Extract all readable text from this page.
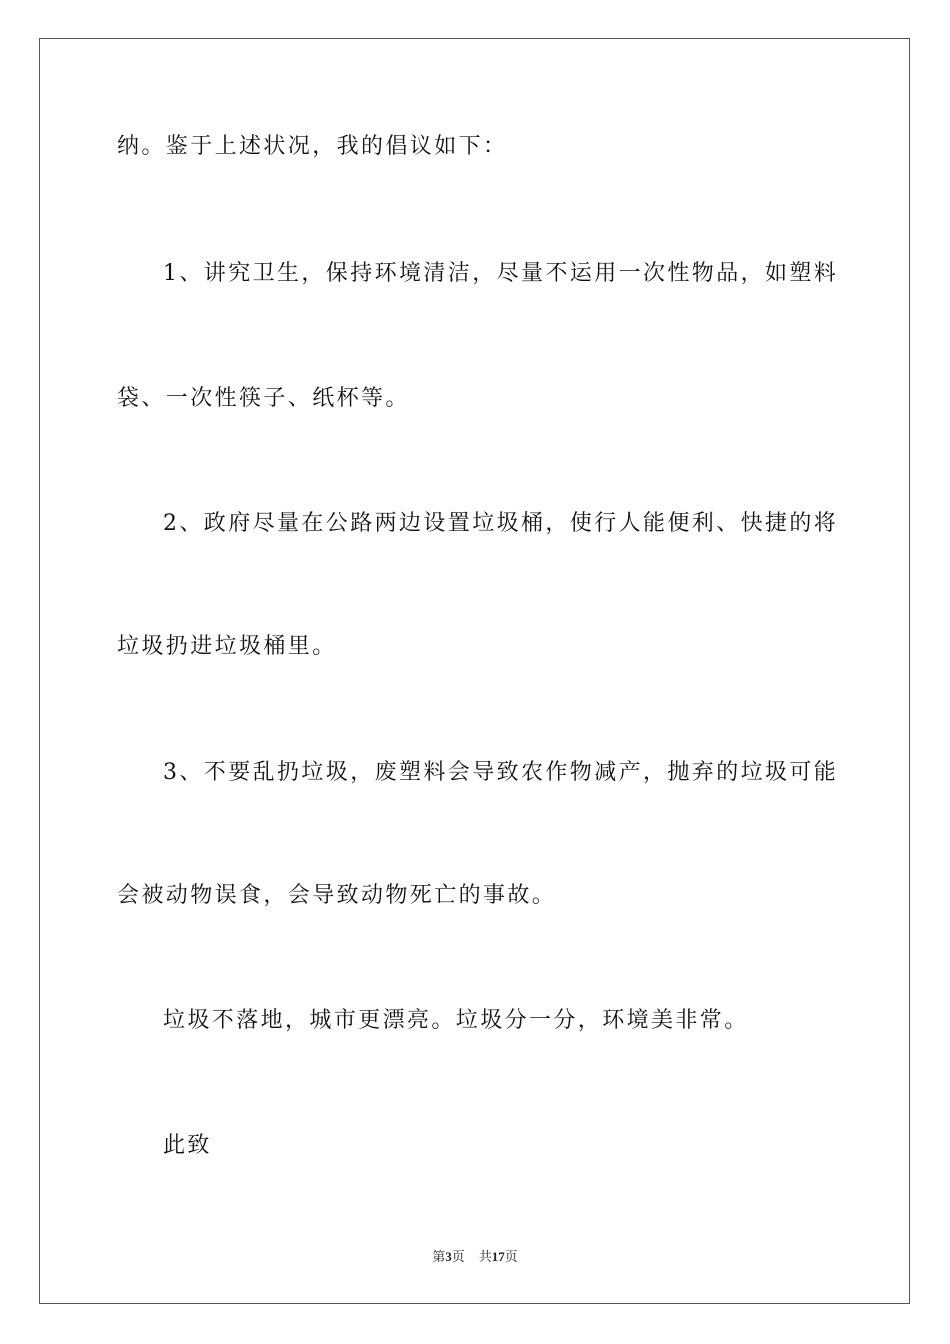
纳。鉴于上述状况，我的倡议如下：

1、讲究卫生，保持环境清洁，尽量不运用一次性物品，如塑料

袋、一次性筷子、纸杯等。

2、政府尽量在公路两边设置垃圾桶，使行人能便利、快捷的将

垃圾扔进垃圾桶里。

3、不要乱扔垃圾，废塑料会导致农作物减产，抛弃的垃圾可能

会被动物误食，会导致动物死亡的事故。

垃圾不落地，城市更漂亮。垃圾分一分，环境美非常。

此致

第3页 共17页
